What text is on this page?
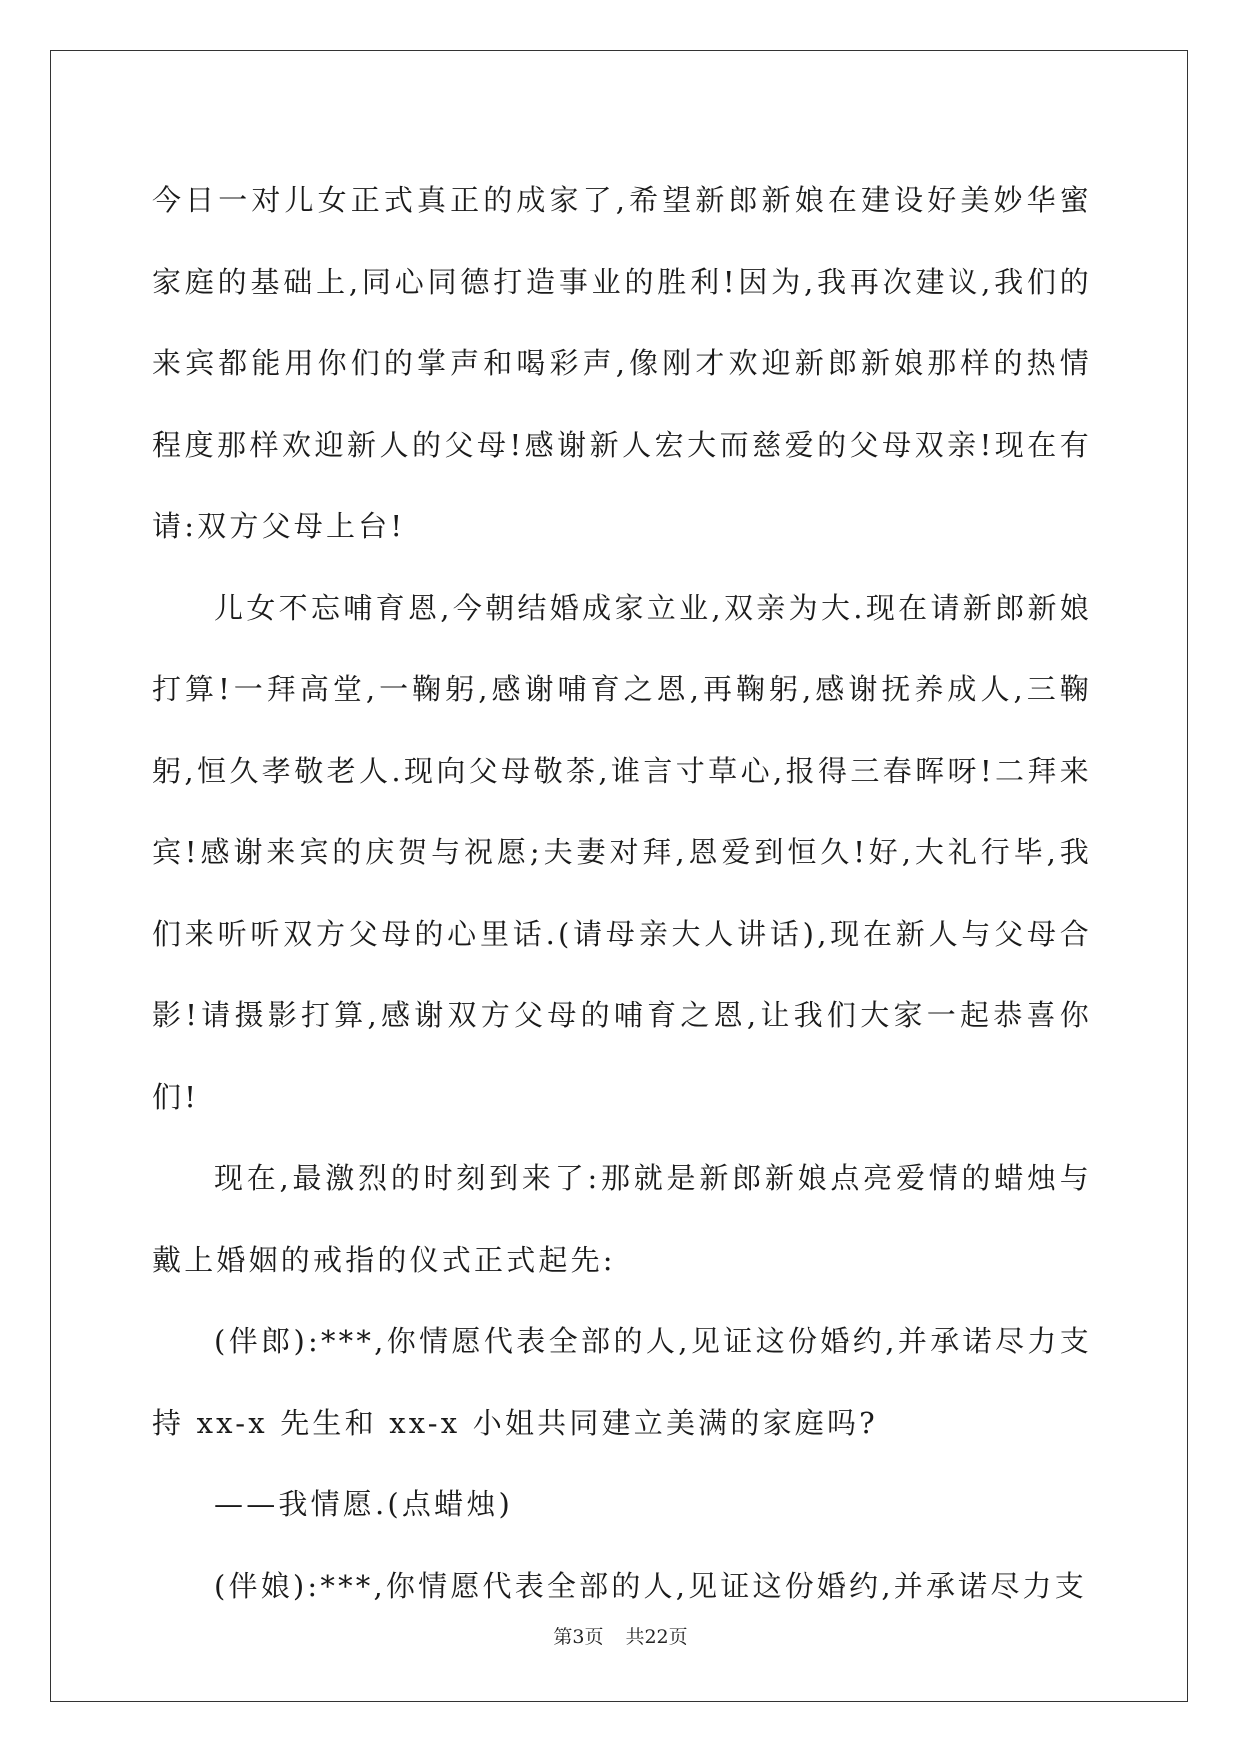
今日一对儿女正式真正的成家了,希望新郎新娘在建设好美妙华蜜家庭的基础上,同心同德打造事业的胜利!因为,我再次建议,我们的来宾都能用你们的掌声和喝彩声,像刚才欢迎新郎新娘那样的热情程度那样欢迎新人的父母!感谢新人宏大而慈爱的父母双亲!现在有请:双方父母上台!

儿女不忘哺育恩,今朝结婚成家立业,双亲为大.现在请新郎新娘打算!一拜高堂,一鞠躬,感谢哺育之恩,再鞠躬,感谢抚养成人,三鞠躬,恒久孝敬老人.现向父母敬茶,谁言寸草心,报得三春晖呀!二拜来宾!感谢来宾的庆贺与祝愿;夫妻对拜,恩爱到恒久!好,大礼行毕,我们来听听双方父母的心里话.(请母亲大人讲话),现在新人与父母合影!请摄影打算,感谢双方父母的哺育之恩,让我们大家一起恭喜你们!

现在,最激烈的时刻到来了:那就是新郎新娘点亮爱情的蜡烛与戴上婚姻的戒指的仪式正式起先:

(伴郎):***,你情愿代表全部的人,见证这份婚约,并承诺尽力支持 xx-x 先生和 xx-x 小姐共同建立美满的家庭吗?

——我情愿.(点蜡烛)

(伴娘):***,你情愿代表全部的人,见证这份婚约,并承诺尽力支

第3页 共22页
